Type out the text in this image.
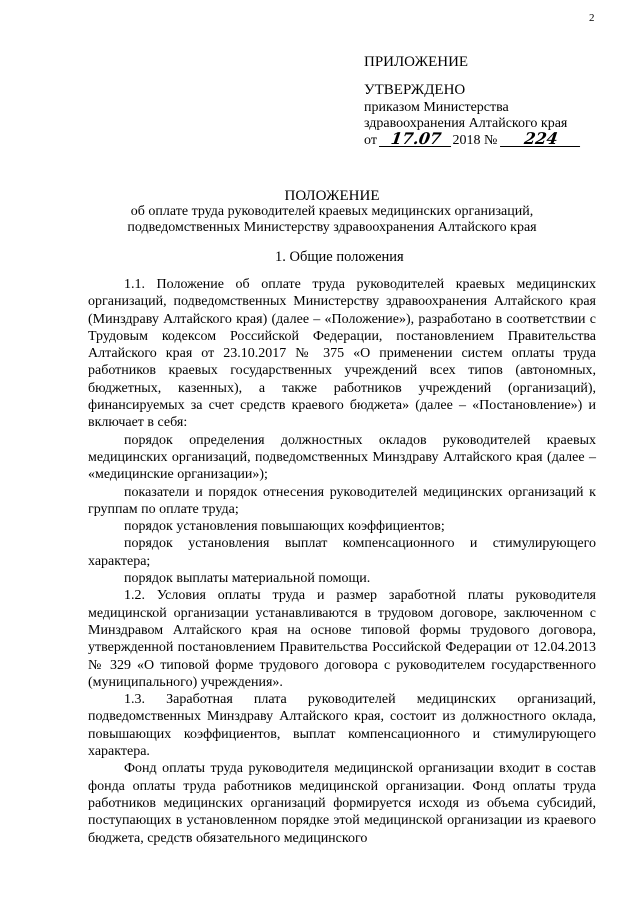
2
ПРИЛОЖЕНИЕ
УТВЕРЖДЕНО
приказом Министерства
здравоохранения Алтайского края
от 17.07 2018 № 224
ПОЛОЖЕНИЕ
об оплате труда руководителей краевых медицинских организаций,
подведомственных Министерству здравоохранения Алтайского края
1. Общие положения

1.1. Положение об оплате труда руководителей краевых медицинских организаций, подведомственных Министерству здравоохранения Алтайского края (Минздраву Алтайского края) (далее – «Положение»), разработано в соответствии с Трудовым кодексом Российской Федерации, постановлением Правительства Алтайского края от 23.10.2017 № 375 «О применении систем оплаты труда работников краевых государственных учреждений всех типов (автономных, бюджетных, казенных), а также работников учреждений (организаций), финансируемых за счет средств краевого бюджета» (далее – «Постановление») и включает в себя:

порядок определения должностных окладов руководителей краевых медицинских организаций, подведомственных Минздраву Алтайского края (далее – «медицинские организации»);

показатели и порядок отнесения руководителей медицинских организаций к группам по оплате труда;

порядок установления повышающих коэффициентов;

порядок установления выплат компенсационного и стимулирующего характера;

порядок выплаты материальной помощи.

1.2. Условия оплаты труда и размер заработной платы руководителя медицинской организации устанавливаются в трудовом договоре, заключенном с Минздравом Алтайского края на основе типовой формы трудового договора, утвержденной постановлением Правительства Российской Федерации от 12.04.2013 № 329 «О типовой форме трудового договора с руководителем государственного (муниципального) учреждения».

1.3. Заработная плата руководителей медицинских организаций, подведомственных Минздраву Алтайского края, состоит из должностного оклада, повышающих коэффициентов, выплат компенсационного и стимулирующего характера.

Фонд оплаты труда руководителя медицинской организации входит в состав фонда оплаты труда работников медицинской организации. Фонд оплаты труда работников медицинских организаций формируется исходя из объема субсидий, поступающих в установленном порядке этой медицинской организации из краевого бюджета, средств обязательного медицинского
